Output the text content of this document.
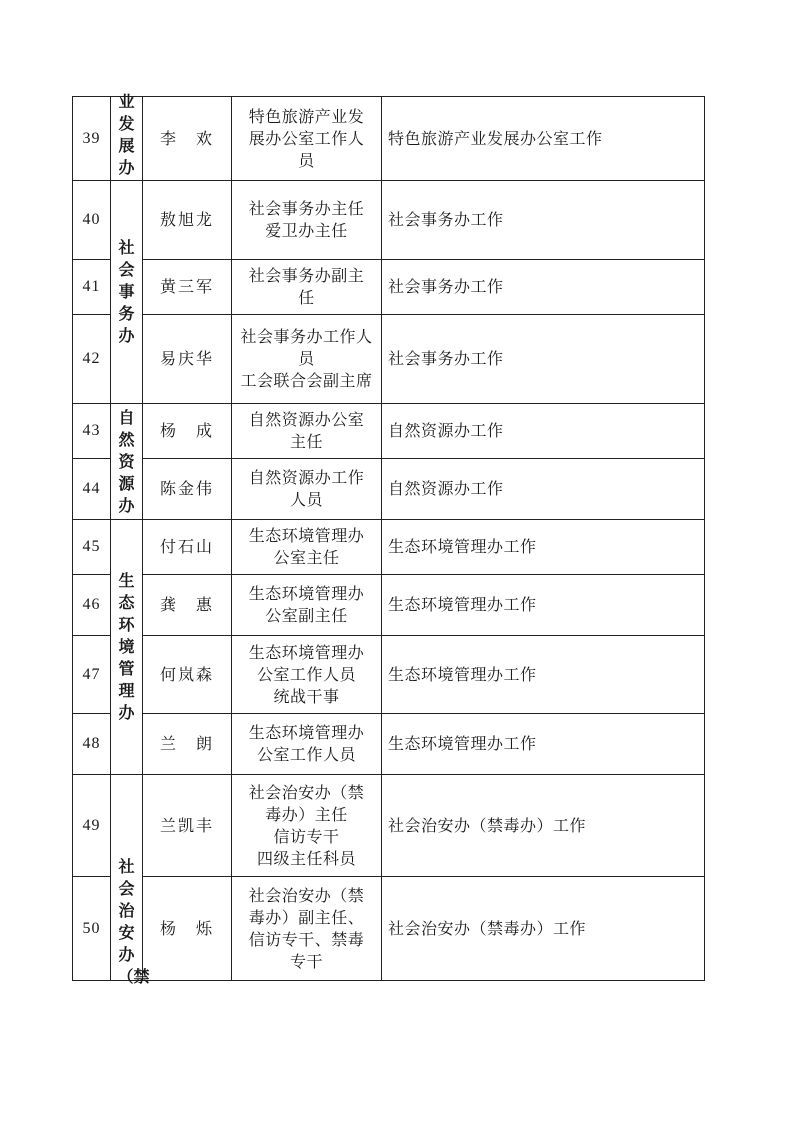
39	业发展办	李　欢	特色旅游产业发
展办公室工作人
员	特色旅游产业发展办公室工作
40	社会事务办	敖旭龙	社会事务办主任
爱卫办主任	社会事务办工作
41		黄三军	社会事务办副主
任	社会事务办工作
42		易庆华	社会事务办工作人
员
工会联合会副主席	社会事务办工作
43	自然资源办	杨　成	自然资源办公室
主任	自然资源办工作
44		陈金伟	自然资源办工作
人员	自然资源办工作
45	生态环境管理办	付石山	生态环境管理办
公室主任	生态环境管理办工作
46		龚　惠	生态环境管理办
公室副主任	生态环境管理办工作
47		何岚森	生态环境管理办
公室工作人员
统战干事	生态环境管理办工作
48		兰　朗	生态环境管理办
公室工作人员	生态环境管理办工作
49	社会治安办（禁	兰凯丰	社会治安办（禁
毒办）主任
信访专干
四级主任科员	社会治安办（禁毒办）工作
50		杨　烁	社会治安办（禁
毒办）副主任、
信访专干、禁毒
专干	社会治安办（禁毒办）工作
